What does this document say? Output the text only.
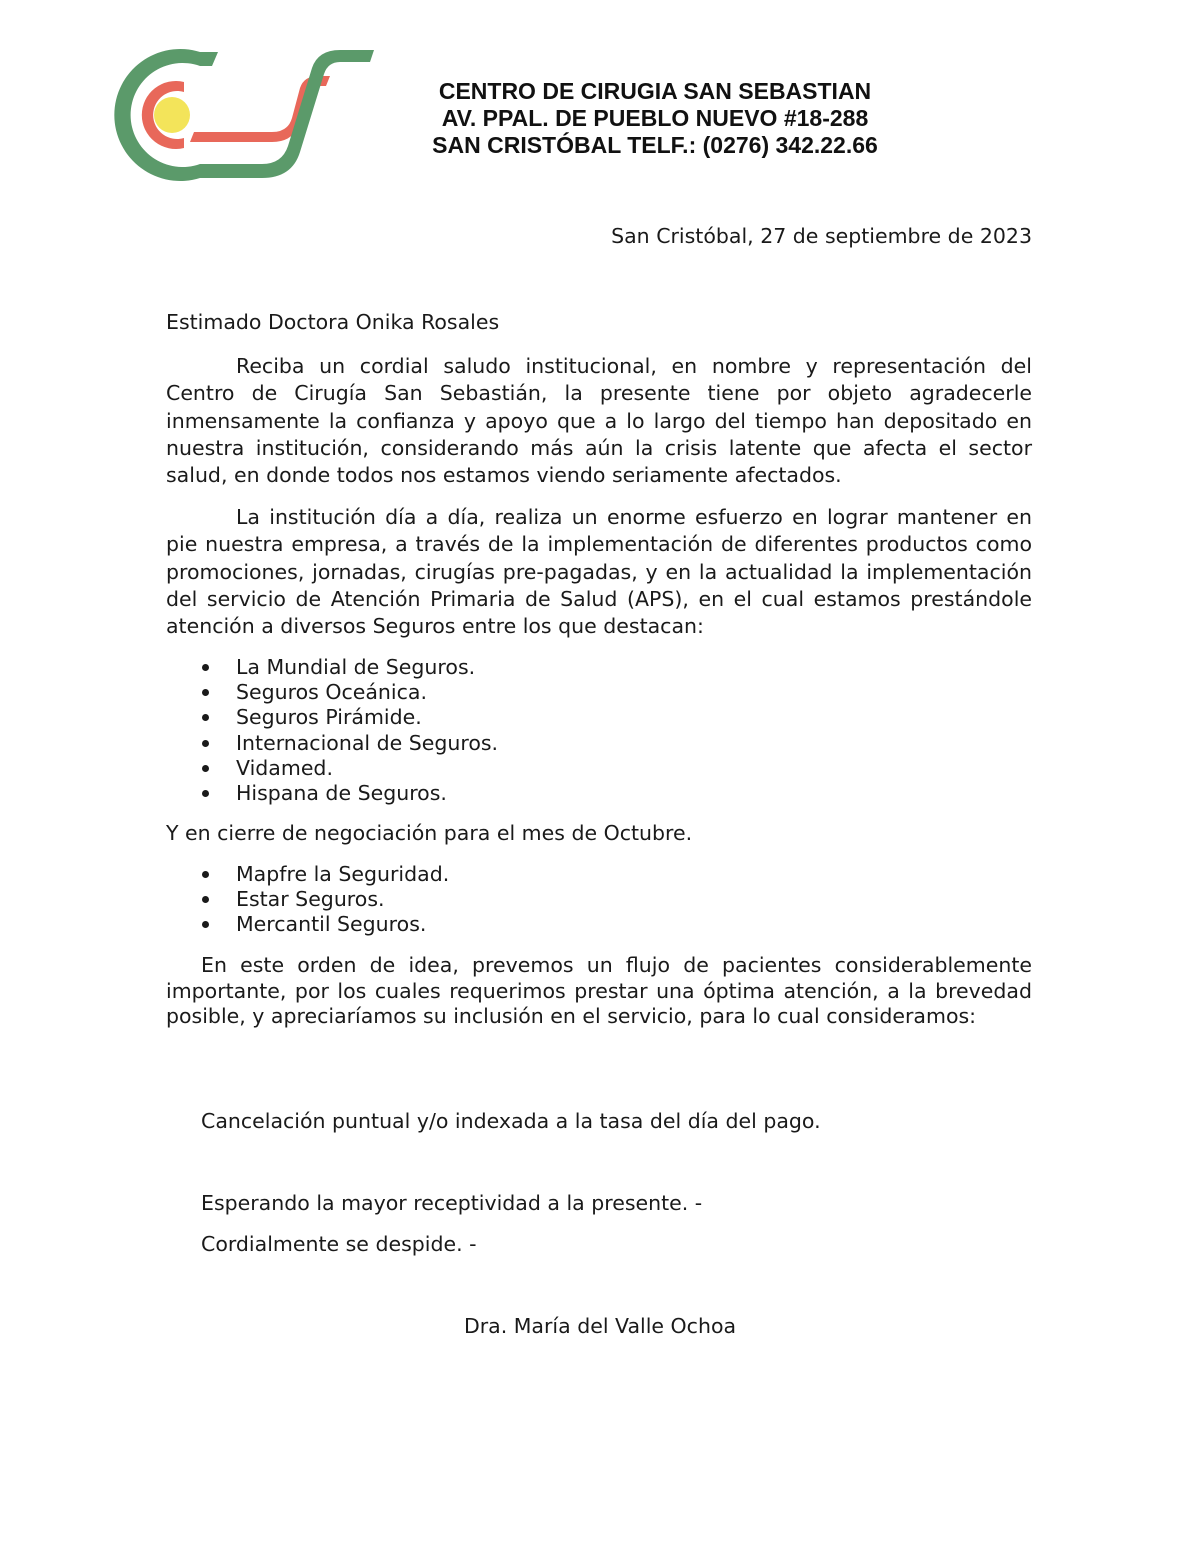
CENTRO DE CIRUGIA SAN SEBASTIAN
AV. PPAL. DE PUEBLO NUEVO #18-288
SAN CRISTÓBAL TELF.: (0276) 342.22.66
San Cristóbal, 27 de septiembre de 2023
Estimado Doctora Onika Rosales

Reciba un cordial saludo institucional, en nombre y representación del Centro de Cirugía San Sebastián, la presente tiene por objeto agradecerle inmensamente la confianza y apoyo que a lo largo del tiempo han depositado en nuestra institución, considerando más aún la crisis latente que afecta el sector salud, en donde todos nos estamos viendo seriamente afectados.

La institución día a día, realiza un enorme esfuerzo en lograr mantener en pie nuestra empresa, a través de la implementación de diferentes productos como promociones, jornadas, cirugías pre-pagadas, y en la actualidad la implementación del servicio de Atención Primaria de Salud (APS), en el cual estamos prestándole atención a diversos Seguros entre los que destacan:

La Mundial de Seguros.
Seguros Oceánica.
Seguros Pirámide.
Internacional de Seguros.
Vidamed.
Hispana de Seguros.
Y en cierre de negociación para el mes de Octubre.
Mapfre la Seguridad.
Estar Seguros.
Mercantil Seguros.

En este orden de idea, prevemos un flujo de pacientes considerablemente importante, por los cuales requerimos prestar una óptima atención, a la brevedad posible, y apreciaríamos su inclusión en el servicio, para lo cual consideramos:

Cancelación puntual y/o indexada a la tasa del día del pago.
Esperando la mayor receptividad a la presente. -
Cordialmente se despide. -
Dra. María del Valle Ochoa
